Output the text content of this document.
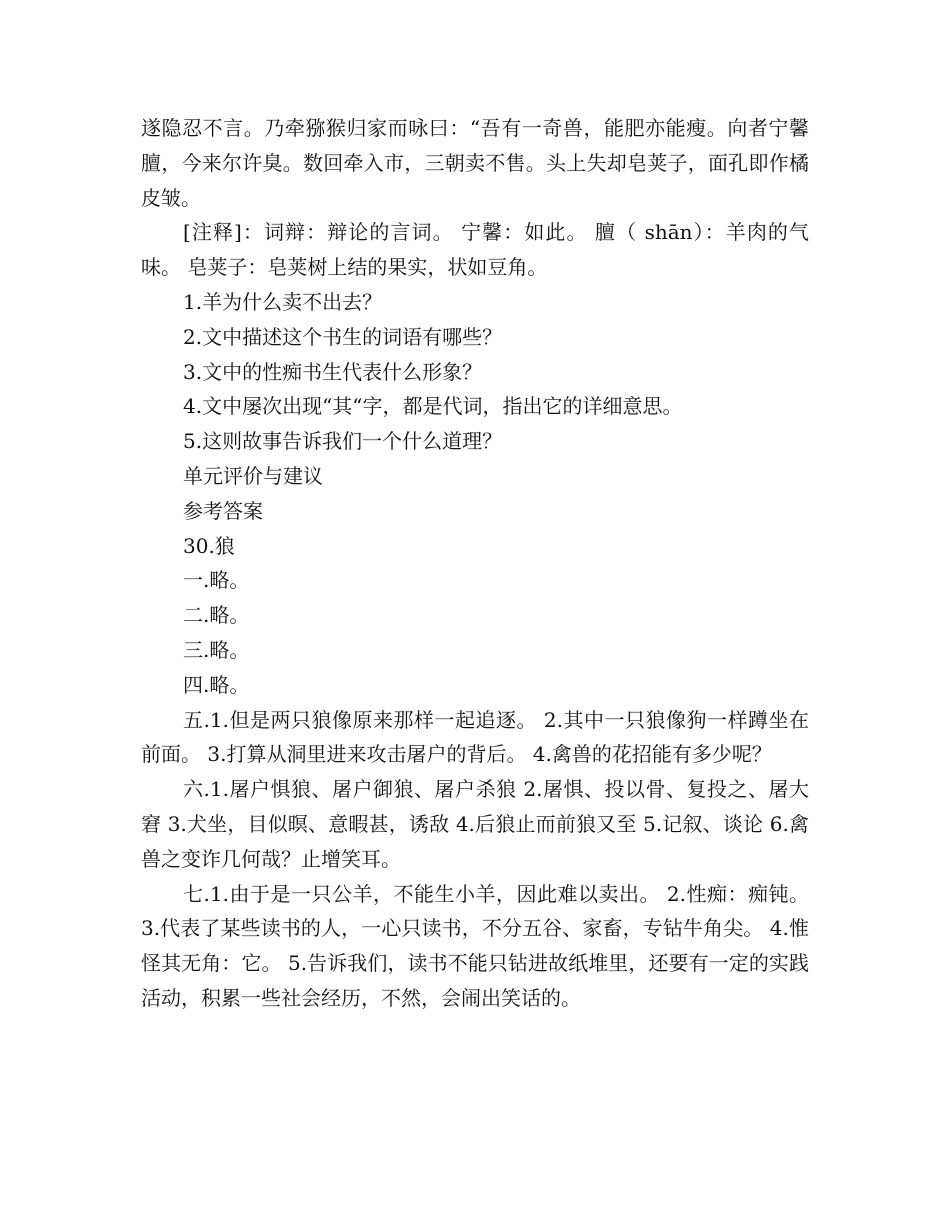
遂隐忍不言。乃牵猕猴归家而咏曰：“吾有一奇兽，能肥亦能瘦。向者宁馨膻，今来尔许臭。数回牵入市，三朝卖不售。头上失却皂荚子，面孔即作橘皮皱。

[注释]：词辩：辩论的言词。 宁馨：如此。 膻（ shān）：羊肉的气味。 皂荚子：皂荚树上结的果实，状如豆角。

1.羊为什么卖不出去？

2.文中描述这个书生的词语有哪些？

3.文中的性痴书生代表什么形象？

4.文中屡次出现“其“字，都是代词，指出它的详细意思。

5.这则故事告诉我们一个什么道理？

单元评价与建议

参考答案

30.狼

一.略。

二.略。

三.略。

四.略。

五.1.但是两只狼像原来那样一起追逐。 2.其中一只狼像狗一样蹲坐在前面。 3.打算从洞里进来攻击屠户的背后。 4.禽兽的花招能有多少呢？

六.1.屠户惧狼、屠户御狼、屠户杀狼 2.屠惧、投以骨、复投之、屠大窘 3.犬坐，目似暝、意暇甚，诱敌 4.后狼止而前狼又至 5.记叙、谈论 6.禽兽之变诈几何哉？止增笑耳。

七.1.由于是一只公羊，不能生小羊，因此难以卖出。 2.性痴：痴钝。 3.代表了某些读书的人，一心只读书，不分五谷、家畜，专钻牛角尖。 4.惟怪其无角：它。 5.告诉我们，读书不能只钻进故纸堆里，还要有一定的实践活动，积累一些社会经历，不然，会闹出笑话的。
